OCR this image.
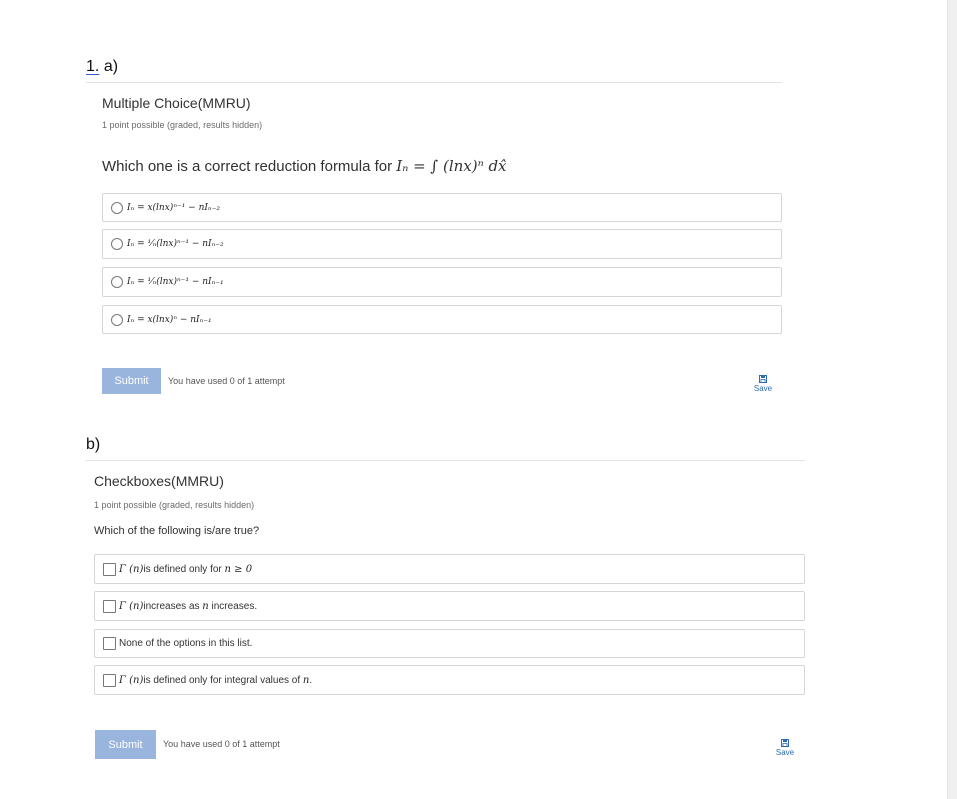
1. a)
Multiple Choice(MMRU)
1 point possible (graded, results hidden)
Which one is a correct reduction formula for Iₙ = ∫ (lnx)ⁿ dx̂
Iₙ = x(lnx)ⁿ⁻¹ − nIₙ₋₂
Iₙ = ¹⁄ₙ(lnx)ⁿ⁻¹ − nIₙ₋₂
Iₙ = ¹⁄ₙ(lnx)ⁿ⁻¹ − nIₙ₋₁
Iₙ = x(lnx)ⁿ − nIₙ₋₁
Submit	You have used 0 of 1 attempt
Save
b)
Checkboxes(MMRU)
1 point possible (graded, results hidden)
Which of the following is/are true?
Γ (n)is defined only for n ≥ 0
Γ (n)increases as n increases.
None of the options in this list.
Γ (n)is defined only for integral values of n.
Submit	You have used 0 of 1 attempt
Save
